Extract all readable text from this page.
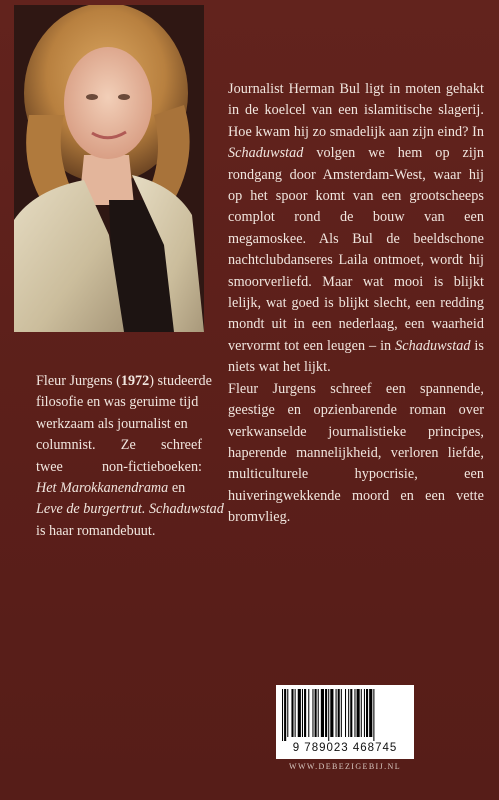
Journalist Herman Bul ligt in moten gehakt in de koelcel van een islamitische slagerij. Hoe kwam hij zo smadelijk aan zijn eind? In Schaduwstad volgen we hem op zijn rondgang door Amsterdam-West, waar hij op het spoor komt van een grootscheeps complot rond de bouw van een megamoskee. Als Bul de beeldschone nachtclubdanseres Laila ontmoet, wordt hij smoorverliefd. Maar wat mooi is blijkt lelijk, wat goed is blijkt slecht, een redding mondt uit in een nederlaag, een waarheid vervormt tot een leugen – in Schaduwstad is niets wat het lijkt.

Fleur Jurgens schreef een spannende, geestige en opzienbarende roman over verkwanselde journalistieke principes, haperende mannelijkheid, verloren liefde, multiculturele hypocrisie, een huiveringwekkende moord en een vette bromvlieg.

Fleur Jurgens (1972) studeerde
filosofie en was geruime tijd
werkzaam als journalist en
columnist. Ze schreef
twee non-fictieboeken:
Het Marokkanendrama en
Leve de burgertrut. Schaduwstad
is haar romandebuut.
9 789023 468745
WWW.DEBEZIGEBIJ.NL
